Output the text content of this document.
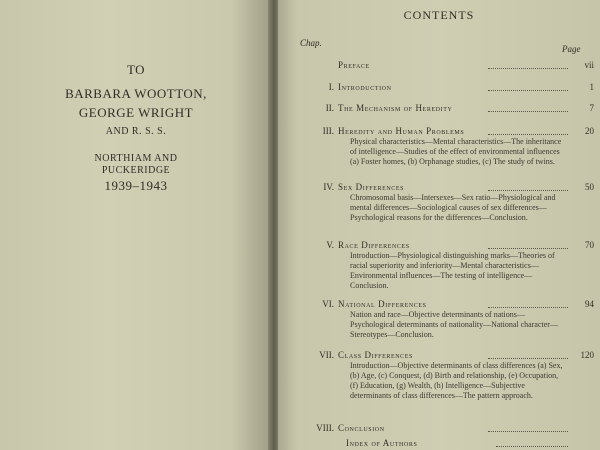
TO
BARBARA WOOTTON,
GEORGE WRIGHT
AND R. S. S.
NORTHIAM AND
PUCKERIDGE
1939–1943
CONTENTS
Chap.
Page
Preface	vii
I. Introduction	1
II. The Mechanism of Heredity	7
III. Heredity and Human Problems	20
Physical characteristics—Mental characteristics—The inheritance of intelligence—Studies of the effect of environmental influences (a) Foster homes, (b) Orphanage studies, (c) The study of twins.
IV. Sex Differences	50
Chromosomal basis—Intersexes—Sex ratio—Physiological and mental differences—Sociological causes of sex differences—Psychological reasons for the differences—Conclusion.
V. Race Differences	70
Introduction—Physiological distinguishing marks—Theories of racial superiority and inferiority—Mental characteristics—Environmental influences—The testing of intelligence—Conclusion.
VI. National Differences	94
Nation and race—Objective determinants of nations—Psychological determinants of nationality—National character—Stereotypes—Conclusion.
VII. Class Differences	120
Introduction—Objective determinants of class differences (a) Sex, (b) Age, (c) Conquest, (d) Birth and relationship, (e) Occupation, (f) Education, (g) Wealth, (h) Intelligence—Subjective determinants of class differences—The pattern approach.
VIII. Conclusion
Index of Authors
